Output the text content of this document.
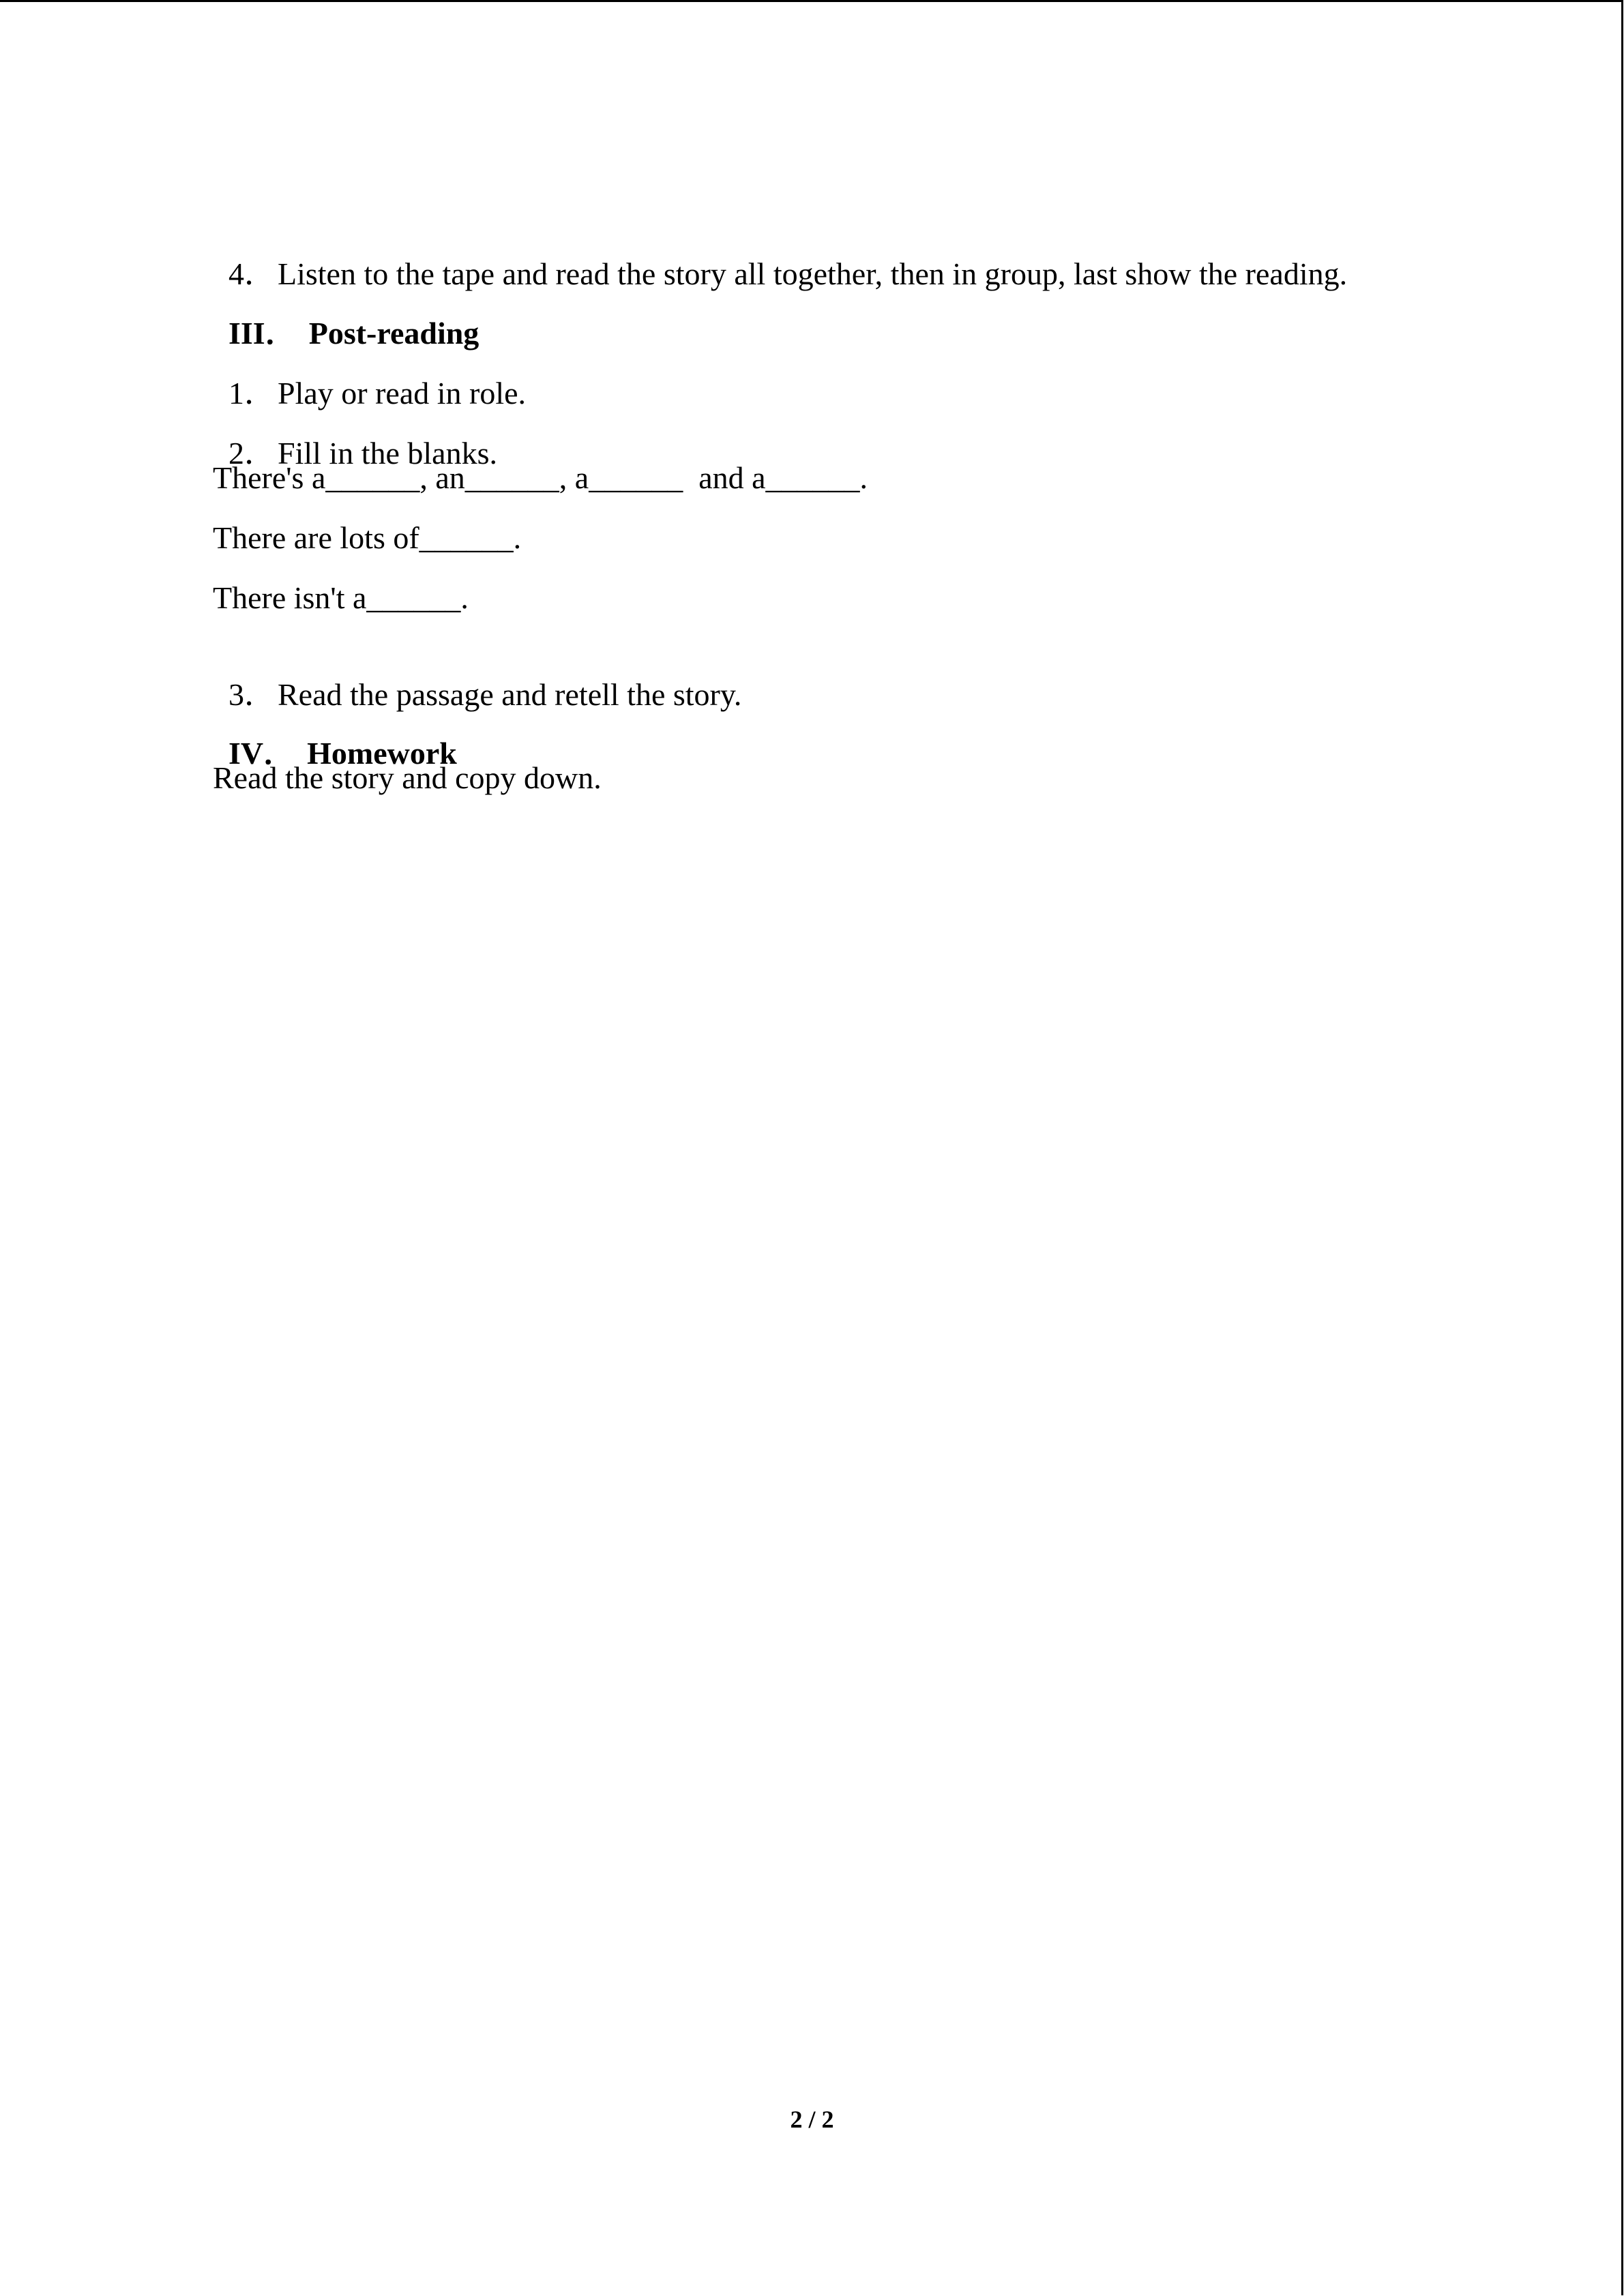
4．Listen to the tape and read the story all together, then in group, last show the reading.

III． Post-reading

1．Play or read in role.

2．Fill in the blanks.

There's a______, an______, a______  and a______.
There are lots of______.
There isn't a______.

3．Read the passage and retell the story.

IV． Homework

Read the story and copy down.
2 / 2
